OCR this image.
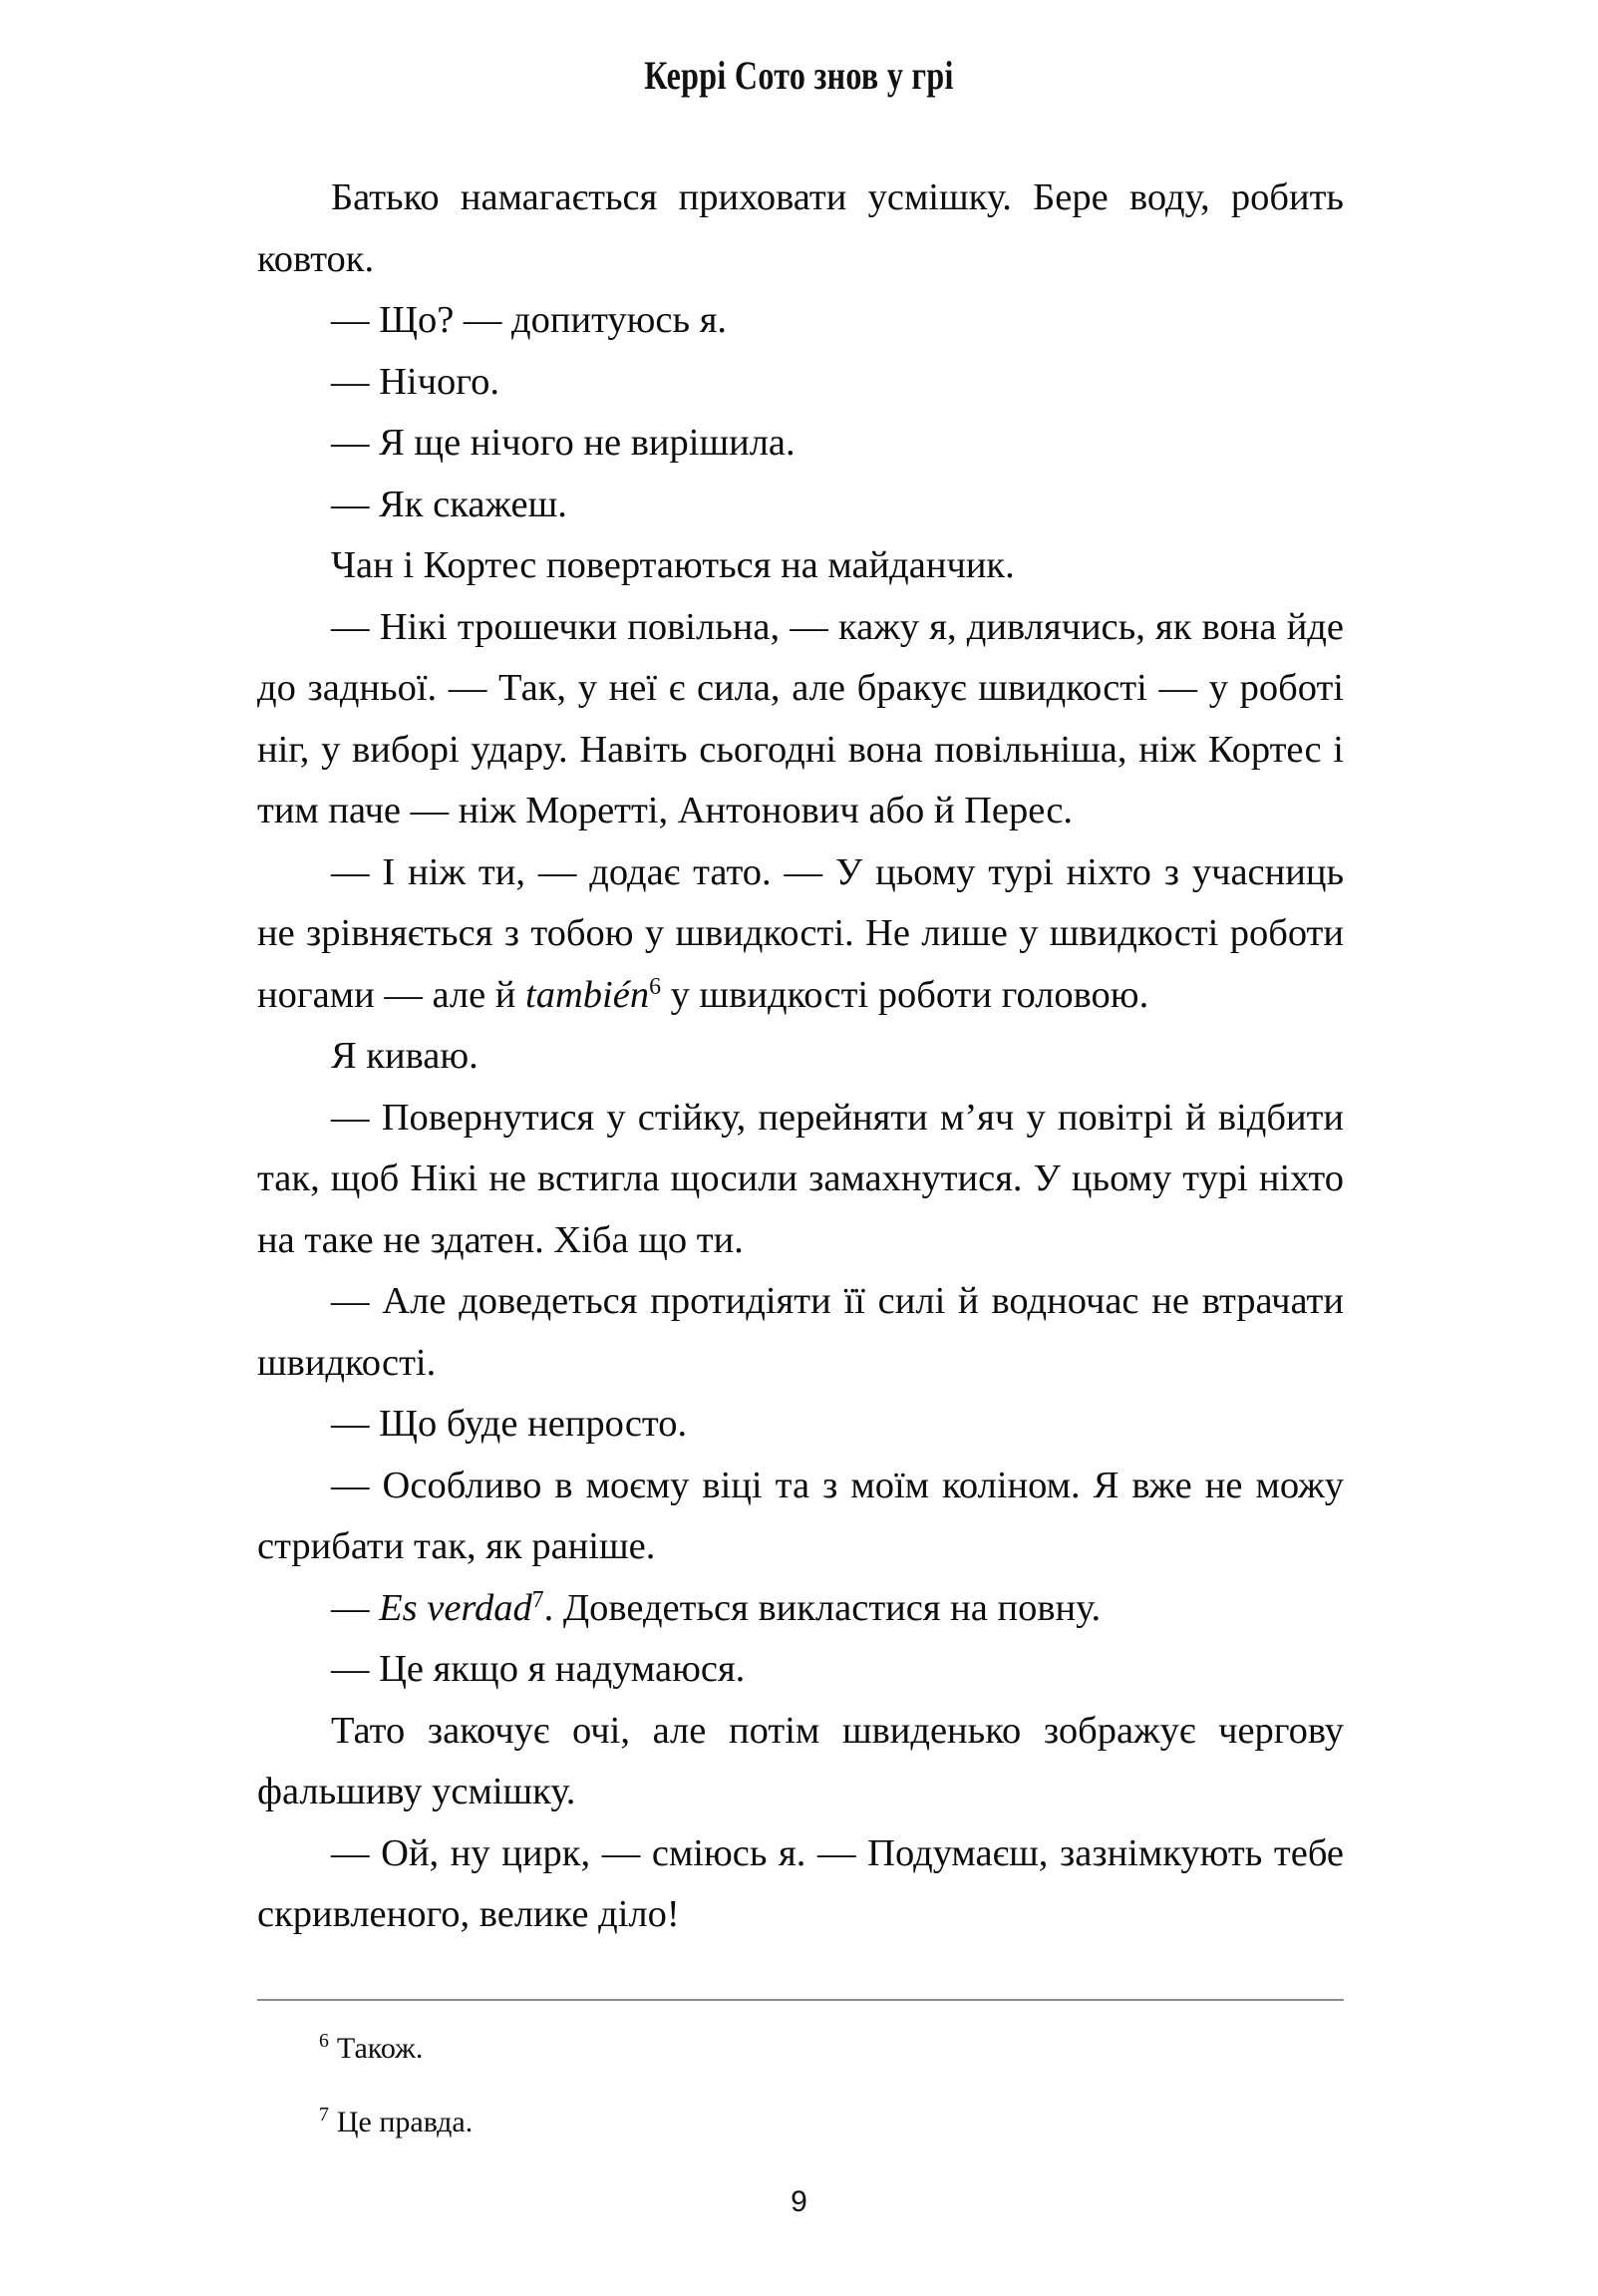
Керрі Сото знов у грі

Батько намагається приховати усмішку. Бере воду, робить ковток.

— Що? — допитуюсь я.

— Нічого.

— Я ще нічого не вирішила.

— Як скажеш.

Чан і Кортес повертаються на майданчик.

— Нікі трошечки повільна, — кажу я, дивлячись, як вона йде до задньої. — Так, у неї є сила, але бракує швидкості — у роботі ніг, у виборі удару. Навіть сьогодні вона повільніша, ніж Кортес і тим паче — ніж Моретті, Антонович або й Перес.

— І ніж ти, — додає тато. — У цьому турі ніхто з учасниць не зрівняється з тобою у швидкості. Не лише у швидкості роботи ногами — але й también$^6$ у швидкості роботи головою.

Я киваю.

— Повернутися у стійку, перейняти м’яч у повітрі й відбити так, щоб Нікі не встигла щосили замахнутися. У цьому турі ніхто на таке не здатен. Хіба що ти.

— Але доведеться протидіяти її силі й водночас не втрачати швидкості.

— Що буде непросто.

— Особливо в моєму віці та з моїм коліном. Я вже не можу стрибати так, як раніше.

— Es verdad$^7$. Доведеться викластися на повну.

— Це якщо я надумаюся.

Тато закочує очі, але потім швиденько зображує чергову фальшиву усмішку.

— Ой, ну цирк, — сміюсь я. — Подумаєш, зазнімкують тебе скривленого, велике діло!

$^6$ Також.

$^7$ Це правда.

9
